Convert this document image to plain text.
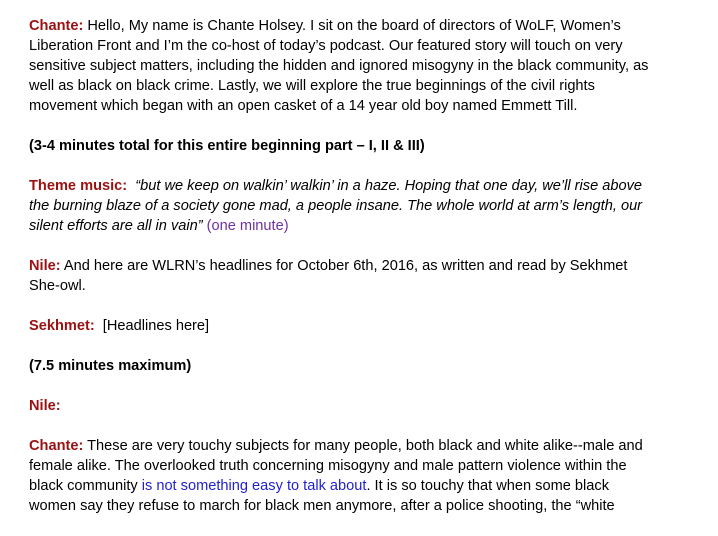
Chante: Hello, My name is Chante Holsey. I sit on the board of directors of WoLF, Women’s Liberation Front and I’m the co-host of today’s podcast. Our featured story will touch on very sensitive subject matters, including the hidden and ignored misogyny in the black community, as well as black on black crime. Lastly, we will explore the true beginnings of the civil rights movement which began with an open casket of a 14 year old boy named Emmett Till.

(3-4 minutes total for this entire beginning part – I, II & III)

Theme music: “but we keep on walkin’ walkin’ in a haze. Hoping that one day, we’ll rise above the burning blaze of a society gone mad, a people insane. The whole world at arm’s length, our silent efforts are all in vain” (one minute)

Nile: And here are WLRN’s headlines for October 6th, 2016, as written and read by Sekhmet She-owl.

Sekhmet:  [Headlines here]

(7.5 minutes maximum)

Nile:

Chante: These are very touchy subjects for many people, both black and white alike--male and female alike. The overlooked truth concerning misogyny and male pattern violence within the black community is not something easy to talk about. It is so touchy that when some black women say they refuse to march for black men anymore, after a police shooting, the “white
